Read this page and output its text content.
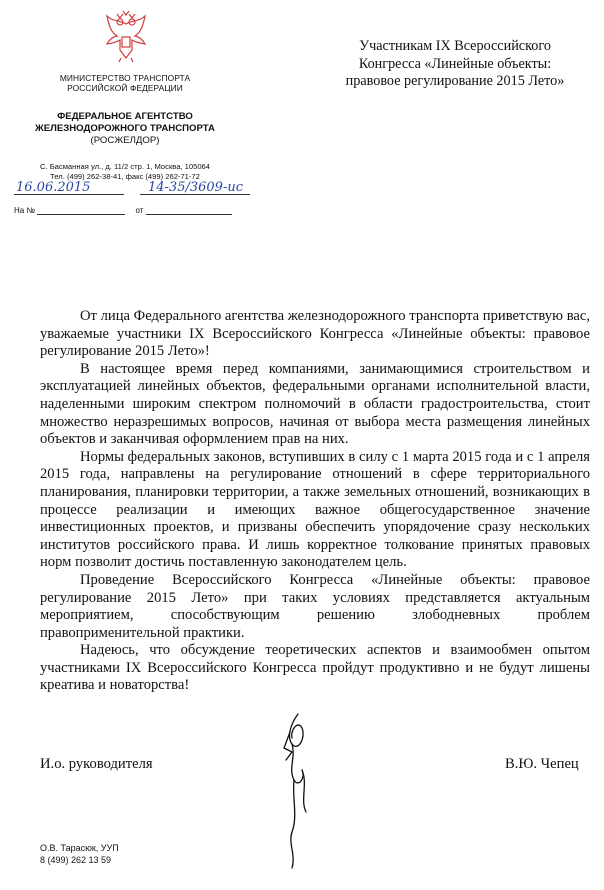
МИНИСТЕРСТВО ТРАНСПОРТА
РОССИЙСКОЙ ФЕДЕРАЦИИ
ФЕДЕРАЛЬНОЕ АГЕНТСТВО
ЖЕЛЕЗНОДОРОЖНОГО ТРАНСПОРТА
(РОСЖЕЛДОР)
С. Басманная ул., д. 11/2 стр. 1, Москва, 105064
Тел. (499) 262-38-41, факс (499) 262-71-72
16.06.2015	14-35/3609-ис
На №	от
Участникам IX Всероссийского
Конгресса «Линейные объекты:
правовое регулирование 2015 Лето»

От лица Федерального агентства железнодорожного транспорта приветствую вас, уважаемые участники IX Всероссийского Конгресса «Линейные объекты: правовое регулирование 2015 Лето»!

В настоящее время перед компаниями, занимающимися строительством и эксплуатацией линейных объектов, федеральными органами исполнительной власти, наделенными широким спектром полномочий в области градостроительства, стоит множество неразрешимых вопросов, начиная от выбора места размещения линейных объектов и заканчивая оформлением прав на них.

Нормы федеральных законов, вступивших в силу с 1 марта 2015 года и с 1 апреля 2015 года, направлены на регулирование отношений в сфере территориального планирования, планировки территории, а также земельных отношений, возникающих в процессе реализации и имеющих важное общегосударственное значение инвестиционных проектов, и призваны обеспечить упорядочение сразу нескольких институтов российского права. И лишь корректное толкование принятых правовых норм позволит достичь поставленную законодателем цель.

Проведение Всероссийского Конгресса «Линейные объекты: правовое регулирование 2015 Лето» при таких условиях представляется актуальным мероприятием, способствующим решению злободневных проблем правоприменительной практики.

Надеюсь, что обсуждение теоретических аспектов и взаимообмен опытом участниками IX Всероссийского Конгресса пройдут продуктивно и не будут лишены креатива и новаторства!

И.о. руководителя	В.Ю. Чепец
О.В. Тарасюк, УУП
8 (499) 262 13 59
